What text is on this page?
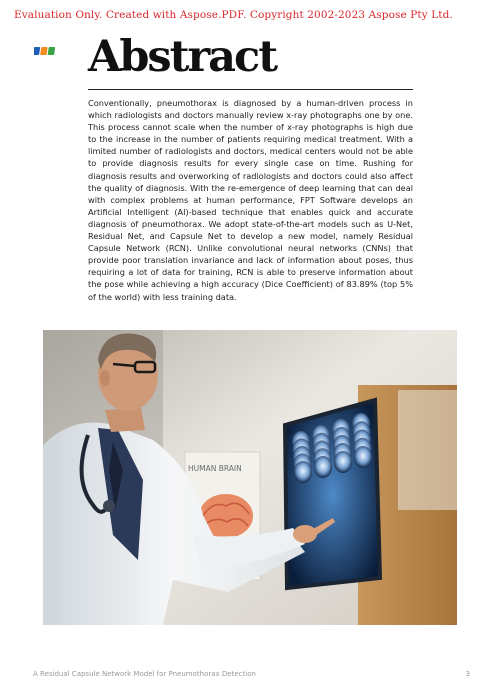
Evaluation Only. Created with Aspose.PDF. Copyright 2002-2023 Aspose Pty Ltd.
Abstract

Conventionally, pneumothorax is diagnosed by a human-driven process in which radiologists and doctors manually review x-ray photographs one by one. This process cannot scale when the number of x-ray photographs is high due to the increase in the number of patients requiring medical treatment. With a limited number of radiologists and doctors, medical centers would not be able to provide diagnosis results for every single case on time. Rushing for diagnosis results and overworking of radiologists and doctors could also affect the quality of diagnosis. With the re-emergence of deep learning that can deal with complex problems at human performance, FPT Software develops an Artificial Intelligent (AI)-based technique that enables quick and accurate diagnosis of pneumothorax. We adopt state-of-the-art models such as U-Net, Residual Net, and Capsule Net to develop a new model, namely Residual Capsule Network (RCN). Unlike convolutional neural networks (CNNs) that provide poor translation invariance and lack of information about poses, thus requiring a lot of data for training, RCN is able to preserve information about the pose while achieving a high accuracy (Dice Coefficient) of 83.89% (top 5% of the world) with less training data.

HUMAN BRAIN
A Residual Capsule Network Model for Pneumothorax Detection	3
